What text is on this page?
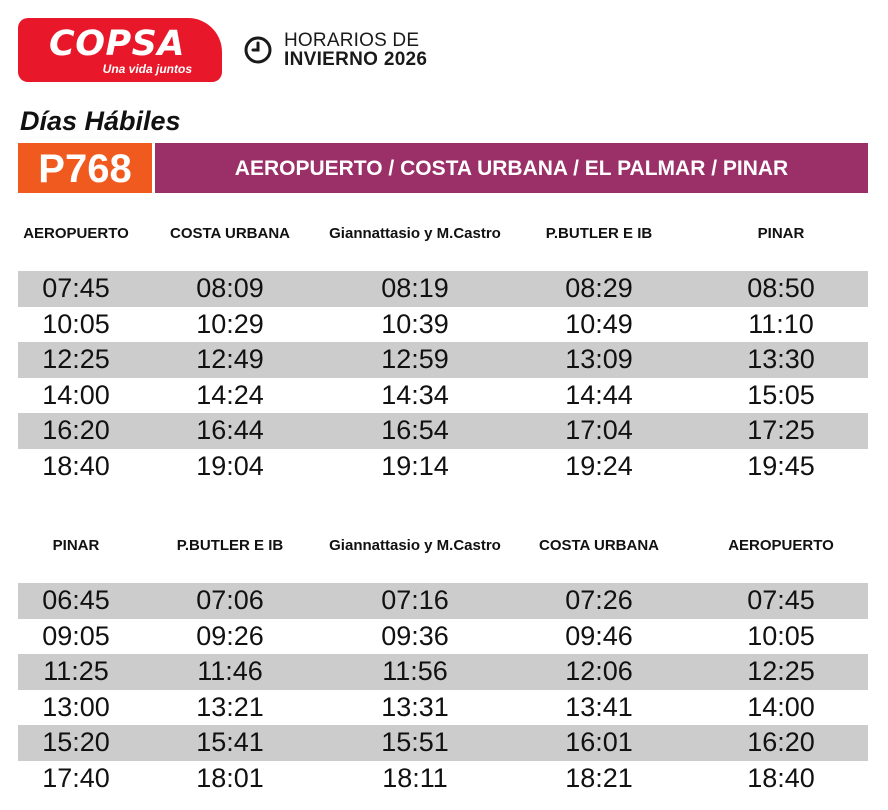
COPSA
Una vida juntos
HORARIOS DE
INVIERNO 2026
Días Hábiles
P768	AEROPUERTO / COSTA URBANA / EL PALMAR / PINAR
AEROPUERTO	COSTA URBANA	Giannattasio y M.Castro	P.BUTLER E IB	PINAR
07:45	08:09	08:19	08:29	08:50
10:05	10:29	10:39	10:49	11:10
12:25	12:49	12:59	13:09	13:30
14:00	14:24	14:34	14:44	15:05
16:20	16:44	16:54	17:04	17:25
18:40	19:04	19:14	19:24	19:45
PINAR	P.BUTLER E IB	Giannattasio y M.Castro	COSTA URBANA	AEROPUERTO
06:45	07:06	07:16	07:26	07:45
09:05	09:26	09:36	09:46	10:05
11:25	11:46	11:56	12:06	12:25
13:00	13:21	13:31	13:41	14:00
15:20	15:41	15:51	16:01	16:20
17:40	18:01	18:11	18:21	18:40
